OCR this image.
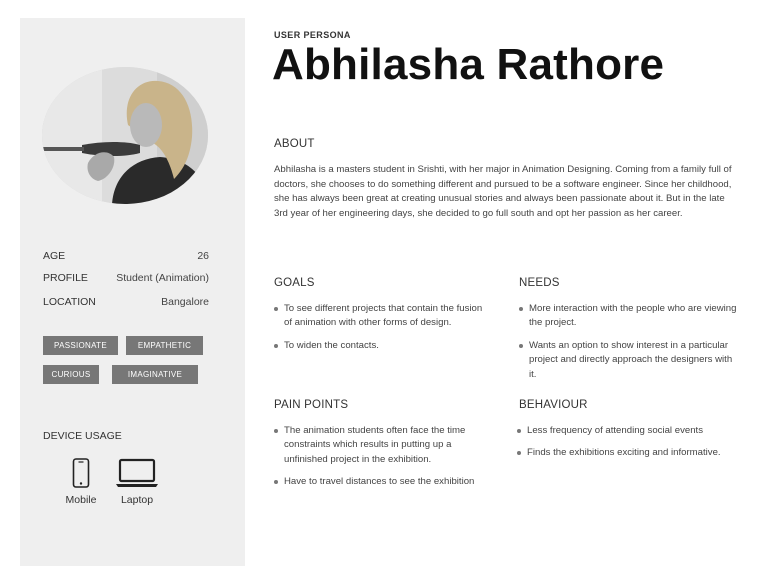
AGE	26
PROFILE	Student (Animation)
LOCATION	Bangalore
PASSIONATE	EMPATHETIC
CURIOUS	IMAGINATIVE
DEVICE USAGE
Mobile	Laptop
USER PERSONA
Abhilasha Rathore
ABOUT

Abhilasha is a masters student in Srishti, with her major in Animation Designing. Coming from a family full of doctors, she chooses to do something different and pursued to be a software engineer. Since her childhood, she has always been great at creating unusual stories and always been passionate about it. But in the late 3rd year of her engineering days, she decided to go full south and opt her passion as her career.

GOALS
To see different projects that contain the fusion of animation with other forms of design.
To widen the contacts.
NEEDS
More interaction with the people who are viewing the project.
Wants an option to show interest in a particular project and directly approach the designers with it.
PAIN POINTS
The animation students often face the time constraints which results in putting up a unfinished project in the exhibition.
Have to travel distances to see the exhibition
BEHAVIOUR
Less frequency of attending social events
Finds the exhibitions exciting and informative.
